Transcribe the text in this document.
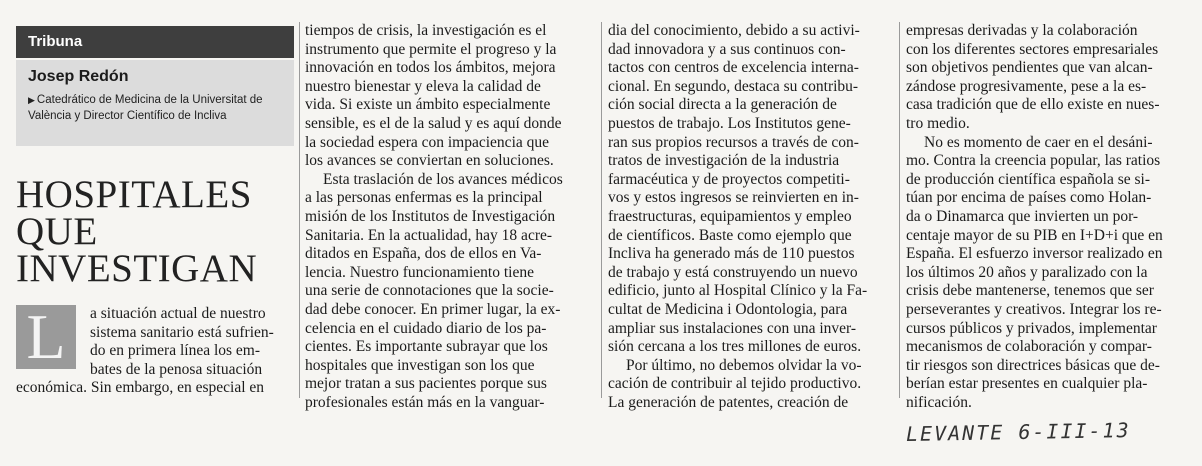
Tribuna
Josep Redón
▶ Catedrático de Medicina de la Universitat de
València y Director Científico de Incliva
HOSPITALES
QUE
INVESTIGAN
L	a situación actual de nuestro
sistema sanitario está sufrien-
do en primera línea los em-
bates de la penosa situación
económica. Sin embargo, en especial en
tiempos de crisis, la investigación es el
instrumento que permite el progreso y la
innovación en todos los ámbitos, mejora
nuestro bienestar y eleva la calidad de
vida. Si existe un ámbito especialmente
sensible, es el de la salud y es aquí donde
la sociedad espera con impaciencia que
los avances se conviertan en soluciones.
Esta traslación de los avances médicos
a las personas enfermas es la principal
misión de los Institutos de Investigación
Sanitaria. En la actualidad, hay 18 acre-
ditados en España, dos de ellos en Va-
lencia. Nuestro funcionamiento tiene
una serie de connotaciones que la socie-
dad debe conocer. En primer lugar, la ex-
celencia en el cuidado diario de los pa-
cientes. Es importante subrayar que los
hospitales que investigan son los que
mejor tratan a sus pacientes porque sus
profesionales están más en la vanguar-
dia del conocimiento, debido a su activi-
dad innovadora y a sus continuos con-
tactos con centros de excelencia interna-
cional. En segundo, destaca su contribu-
ción social directa a la generación de
puestos de trabajo. Los Institutos gene-
ran sus propios recursos a través de con-
tratos de investigación de la industria
farmacéutica y de proyectos competiti-
vos y estos ingresos se reinvierten en in-
fraestructuras, equipamientos y empleo
de científicos. Baste como ejemplo que
Incliva ha generado más de 110 puestos
de trabajo y está construyendo un nuevo
edificio, junto al Hospital Clínico y la Fa-
cultat de Medicina i Odontologia, para
ampliar sus instalaciones con una inver-
sión cercana a los tres millones de euros.
Por último, no debemos olvidar la vo-
cación de contribuir al tejido productivo.
La generación de patentes, creación de
empresas derivadas y la colaboración
con los diferentes sectores empresariales
son objetivos pendientes que van alcan-
zándose progresivamente, pese a la es-
casa tradición que de ello existe en nues-
tro medio.
No es momento de caer en el desáni-
mo. Contra la creencia popular, las ratios
de producción científica española se si-
túan por encima de países como Holan-
da o Dinamarca que invierten un por-
centaje mayor de su PIB en I+D+i que en
España. El esfuerzo inversor realizado en
los últimos 20 años y paralizado con la
crisis debe mantenerse, tenemos que ser
perseverantes y creativos. Integrar los re-
cursos públicos y privados, implementar
mecanismos de colaboración y compar-
tir riesgos son directrices básicas que de-
berían estar presentes en cualquier pla-
nificación.
LEVANTE 6-III-13
